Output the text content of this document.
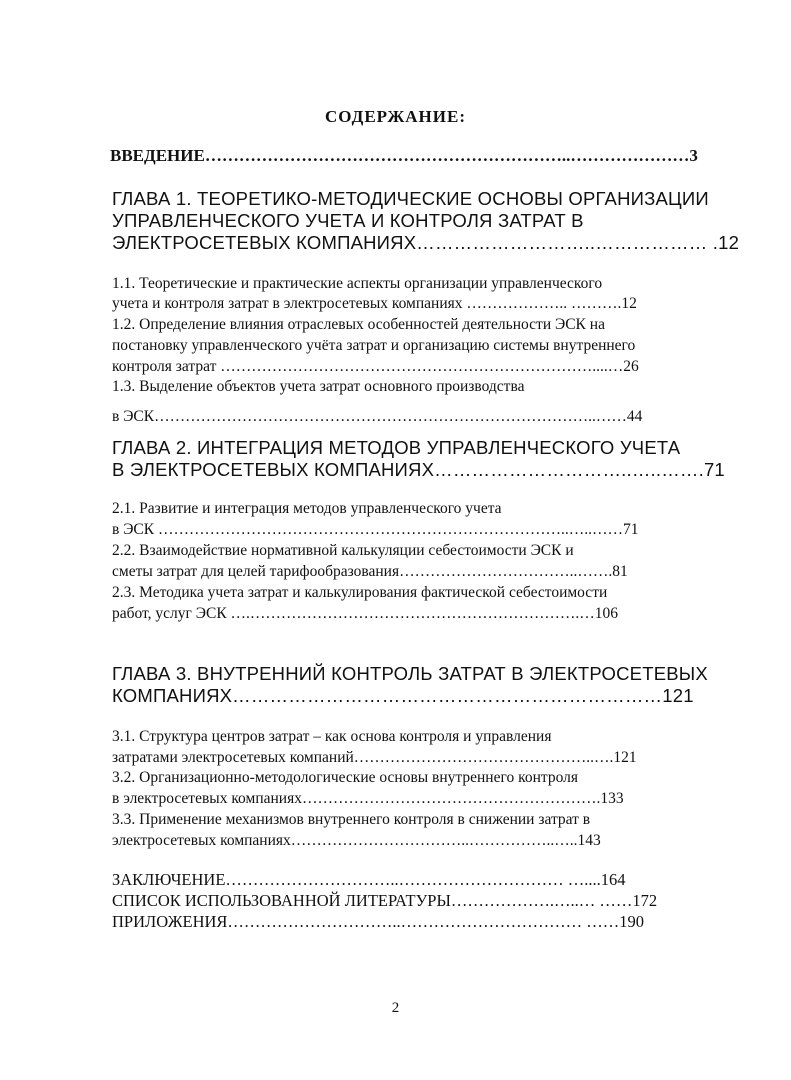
СОДЕРЖАНИЕ:
ВВЕДЕНИЕ………………………………………………………..…………………3
ГЛАВА 1. ТЕОРЕТИКО-МЕТОДИЧЕСКИЕ ОСНОВЫ ОРГАНИЗАЦИИ
УПРАВЛЕНЧЕСКОГО УЧЕТА И КОНТРОЛЯ ЗАТРАТ В
ЭЛЕКТРОСЕТЕВЫХ КОМПАНИЯХ………………………..……………… .12
1.1. Теоретические и практические аспекты организации управленческого
учета и контроля затрат в электросетевых компаниях ……………….. ……….12
1.2. Определение влияния отраслевых особенностей деятельности ЭСК на
постановку управленческого учёта затрат и организацию системы внутреннего
контроля затрат ………………………………………………………………....…26
1.3. Выделение объектов учета затрат основного производства
в ЭСК…………………………………………………………………………..……44
ГЛАВА 2. ИНТЕГРАЦИЯ МЕТОДОВ УПРАВЛЕНЧЕСКОГО УЧЕТА
В ЭЛЕКТРОСЕТЕВЫХ КОМПАНИЯХ…………………………..…..…….71
2.1. Развитие и интеграция методов управленческого учета
в ЭСК ……………………………………………………………………..…..……71
2.2. Взаимодействие нормативной калькуляции себестоимости ЭСК и
сметы затрат для целей тарифообразования……………………………..…….81
2.3. Методика учета затрат и калькулирования фактической себестоимости
работ, услуг ЭСК ….……………………………………………………….…106
ГЛАВА 3. ВНУТРЕННИЙ КОНТРОЛЬ ЗАТРАТ В ЭЛЕКТРОСЕТЕВЫХ
КОМПАНИЯХ……………………………………………………………121
3.1. Структура центров затрат – как основа контроля и управления
затратами электросетевых компаний………………………………………..….121
3.2. Организационно-методологические основы внутреннего контроля
в электросетевых компаниях………………………………………………….133
3.3. Применение механизмов внутреннего контроля в снижении затрат в
электросетевых компаниях……………………………..……………..…..143
ЗАКЛЮЧЕНИЕ…………………………..………………………… …....164
СПИСОК ИСПОЛЬЗОВАННОЙ ЛИТЕРАТУРЫ……………….…..… ……172
ПРИЛОЖЕНИЯ…………………………..…………………………… ……190
2
